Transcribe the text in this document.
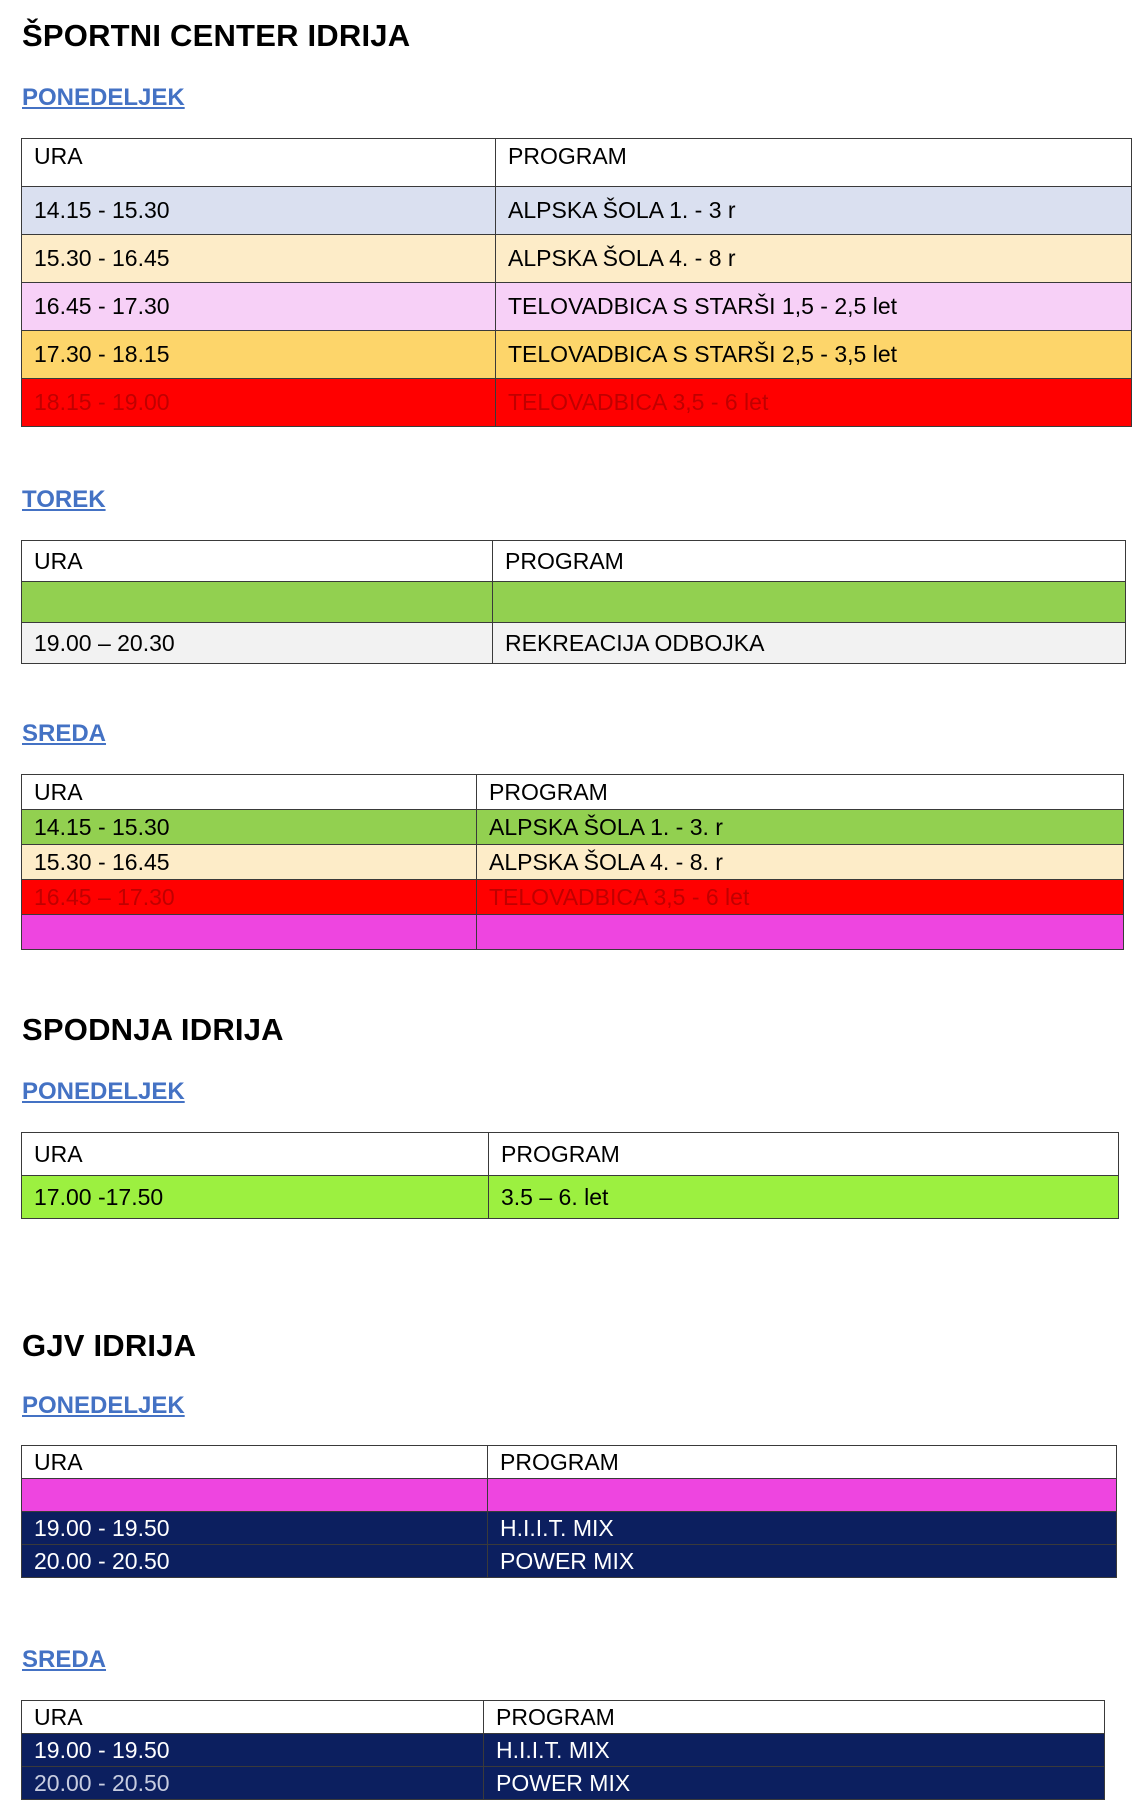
ŠPORTNI CENTER IDRIJA
PONEDELJEK
URA	PROGRAM
14.15 - 15.30	ALPSKA ŠOLA 1. - 3 r
15.30 - 16.45	ALPSKA ŠOLA 4. - 8 r
16.45 - 17.30	TELOVADBICA S STARŠI 1,5 - 2,5 let
17.30 - 18.15	TELOVADBICA S STARŠI 2,5 - 3,5 let
18.15 - 19.00	TELOVADBICA 3,5 - 6 let
TOREK
URA	PROGRAM

19.00 – 20.30	REKREACIJA ODBOJKA
SREDA
URA	PROGRAM
14.15 - 15.30	ALPSKA ŠOLA 1. - 3. r
15.30 - 16.45	ALPSKA ŠOLA 4. - 8. r
16.45 – 17.30	TELOVADBICA 3,5 - 6 let

SPODNJA IDRIJA
PONEDELJEK
URA	PROGRAM
17.00 -17.50	3.5 – 6. let
GJV IDRIJA
PONEDELJEK
URA	PROGRAM

19.00 - 19.50	H.I.I.T. MIX
20.00 - 20.50	POWER MIX
SREDA
URA	PROGRAM
19.00 - 19.50	H.I.I.T. MIX
20.00 - 20.50	POWER MIX
